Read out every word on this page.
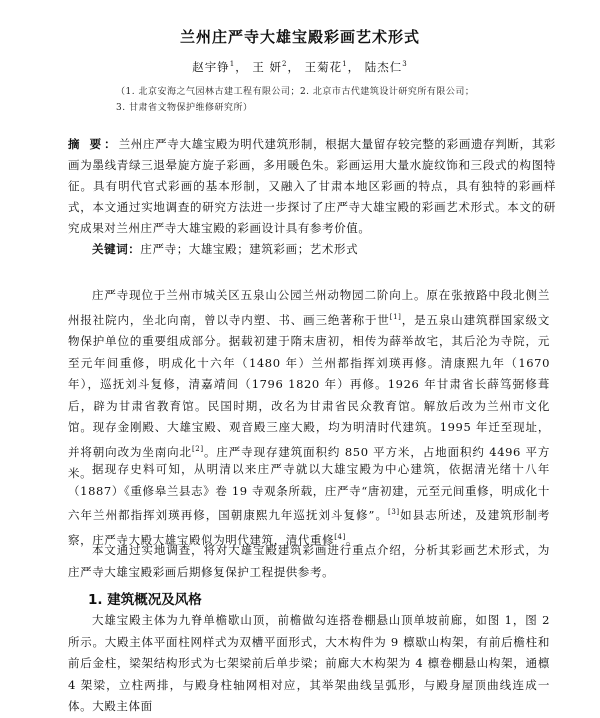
兰州庄严寺大雄宝殿彩画艺术形式
赵宇铮$^1$， 王 妍$^2$， 王菊花$^1$， 陆杰仁$^3$
（1. 北京安海之气园林古建工程有限公司；2. 北京市古代建筑设计研究所有限公司；
3. 甘肃省文物保护维修研究所）
摘 要：兰州庄严寺大雄宝殿为明代建筑形制，根据大量留存较完整的彩画遗存判断，其彩画为墨线青绿三退晕旋方旋子彩画，多用暖色朱。彩画运用大量水旋纹饰和三段式的构图特征。具有明代官式彩画的基本形制，又融入了甘肃本地区彩画的特点，具有独特的彩画样式，本文通过实地调查的研究方法进一步探讨了庄严寺大雄宝殿的彩画艺术形式。本文的研究成果对兰州庄严寺大雄宝殿的彩画设计具有参考价值。
关键词：庄严寺；大雄宝殿；建筑彩画；艺术形式
庄严寺现位于兰州市城关区五泉山公园兰州动物园二阶向上。原在张掖路中段北侧兰州报社院内，坐北向南，曾以寺内塑、书、画三绝著称于世[1]，是五泉山建筑群国家级文物保护单位的重要组成部分。据载初建于隋末唐初，相传为薛举故宅，其后沦为寺院，元至元年间重修，明成化十六年（1480 年）兰州都指挥刘瑛再修。清康熙九年（1670 年），巡抚刘斗复修，清嘉靖间（1796 1820 年）再修。1926 年甘肃省长薛笃弼修葺后，辟为甘肃省教育馆。民国时期，改名为甘肃省民众教育馆。解放后改为兰州市文化馆。现存金刚殿、大雄宝殿、观音殿三座大殿，均为明清时代建筑。1995 年迁至现址，并将朝向改为坐南向北[2]。庄严寺现存建筑面积约 850 平方米，占地面积约 4496 平方米。 据现存史料可知，从明清以来庄严寺就以大雄宝殿为中心建筑，依据清光绪十八年（1887）《重修皋兰县志》卷 19 寺观条所载，庄严寺“唐初建，元至元间重修，明成化十六年兰州都指挥刘瑛再修，国朝康熙九年巡抚刘斗复修”。[3]如县志所述，及建筑形制考察，庄严寺大殿大雄宝殿似为明代建筑，清代重修[4]。
本文通过实地调查，将对大雄宝殿建筑彩画进行重点介绍，分析其彩画艺术形式，为庄严寺大雄宝殿彩画后期修复保护工程提供参考。
1. 建筑概况及风格
大雄宝殿主体为九脊单檐歇山顶，前檐做勾连搭卷棚悬山顶单坡前廊，如图 1，图 2 所示。大殿主体平面柱网样式为双槽平面形式，大木构件为 9 檩歇山构架，有前后檐柱和前后金柱，梁架结构形式为七架梁前后单步梁；前廊大木构架为 4 檩卷棚悬山构架，通檩 4 架梁，立柱两排，与殿身柱轴网相对应，其举架曲线呈弧形，与殿身屋顶曲线连成一体。大殿主体面
